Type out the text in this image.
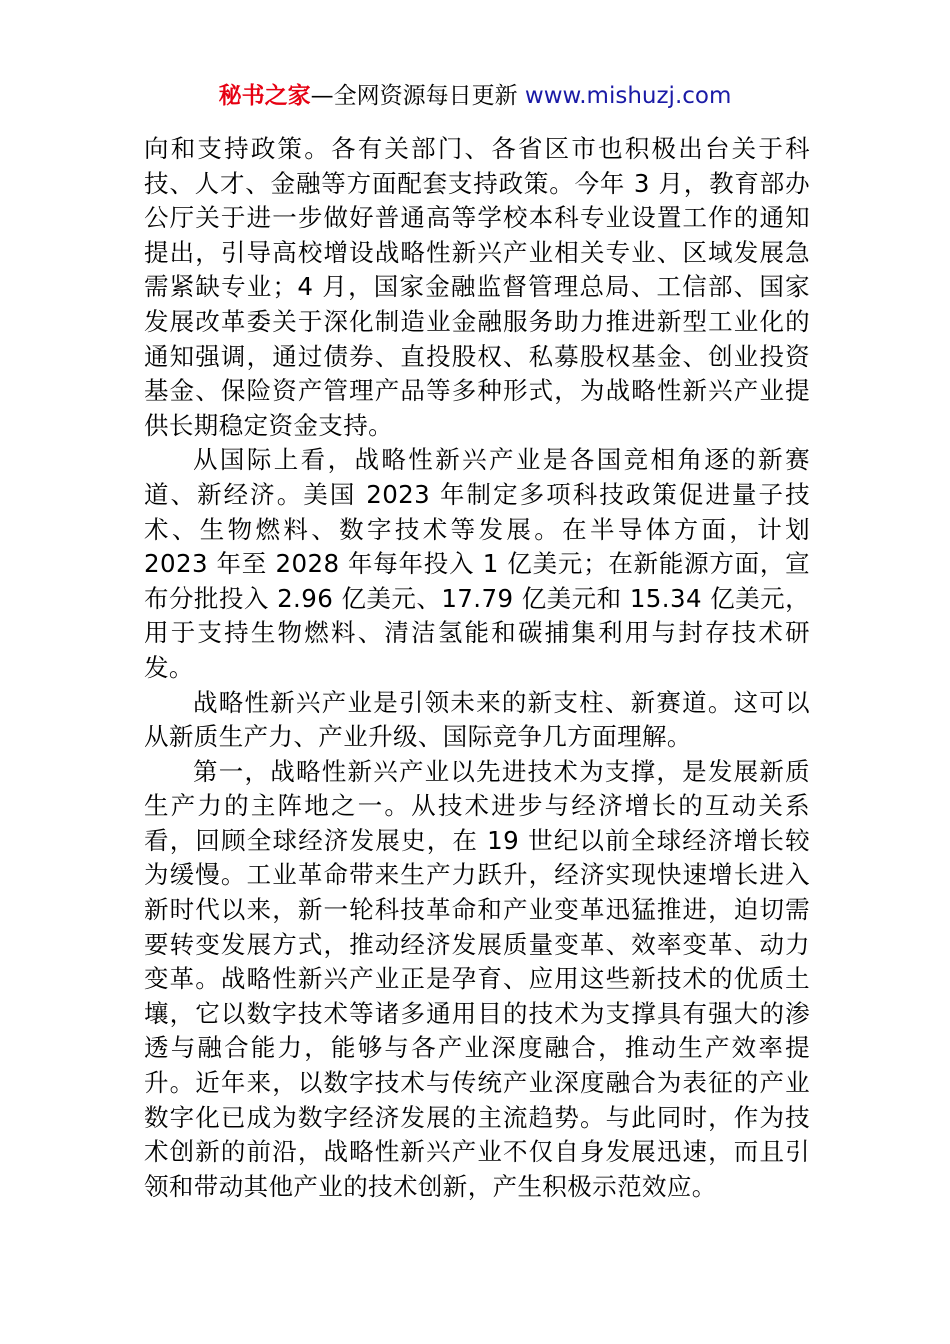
秘书之家—全网资源每日更新 www.mishuzj.com

向和支持政策。各有关部门、各省区市也积极出台关于科技、人才、金融等方面配套支持政策。今年 3 月，教育部办公厅关于进一步做好普通高等学校本科专业设置工作的通知提出，引导高校增设战略性新兴产业相关专业、区域发展急需紧缺专业；4 月，国家金融监督管理总局、工信部、国家发展改革委关于深化制造业金融服务助力推进新型工业化的通知强调，通过债券、直投股权、私募股权基金、创业投资基金、保险资产管理产品等多种形式，为战略性新兴产业提供长期稳定资金支持。

从国际上看，战略性新兴产业是各国竞相角逐的新赛道、新经济。美国 2023 年制定多项科技政策促进量子技术、生物燃料、数字技术等发展。在半导体方面，计划 2023 年至 2028 年每年投入 1 亿美元；在新能源方面，宣布分批投入 2.96 亿美元、17.79 亿美元和 15.34 亿美元，用于支持生物燃料、清洁氢能和碳捕集利用与封存技术研发。

战略性新兴产业是引领未来的新支柱、新赛道。这可以从新质生产力、产业升级、国际竞争几方面理解。

第一，战略性新兴产业以先进技术为支撑，是发展新质生产力的主阵地之一。从技术进步与经济增长的互动关系看，回顾全球经济发展史，在 19 世纪以前全球经济增长较为缓慢。工业革命带来生产力跃升，经济实现快速增长进入新时代以来，新一轮科技革命和产业变革迅猛推进，迫切需要转变发展方式，推动经济发展质量变革、效率变革、动力变革。战略性新兴产业正是孕育、应用这些新技术的优质土壤，它以数字技术等诸多通用目的技术为支撑具有强大的渗透与融合能力，能够与各产业深度融合，推动生产效率提升。近年来，以数字技术与传统产业深度融合为表征的产业数字化已成为数字经济发展的主流趋势。与此同时，作为技术创新的前沿，战略性新兴产业不仅自身发展迅速，而且引领和带动其他产业的技术创新，产生积极示范效应。
